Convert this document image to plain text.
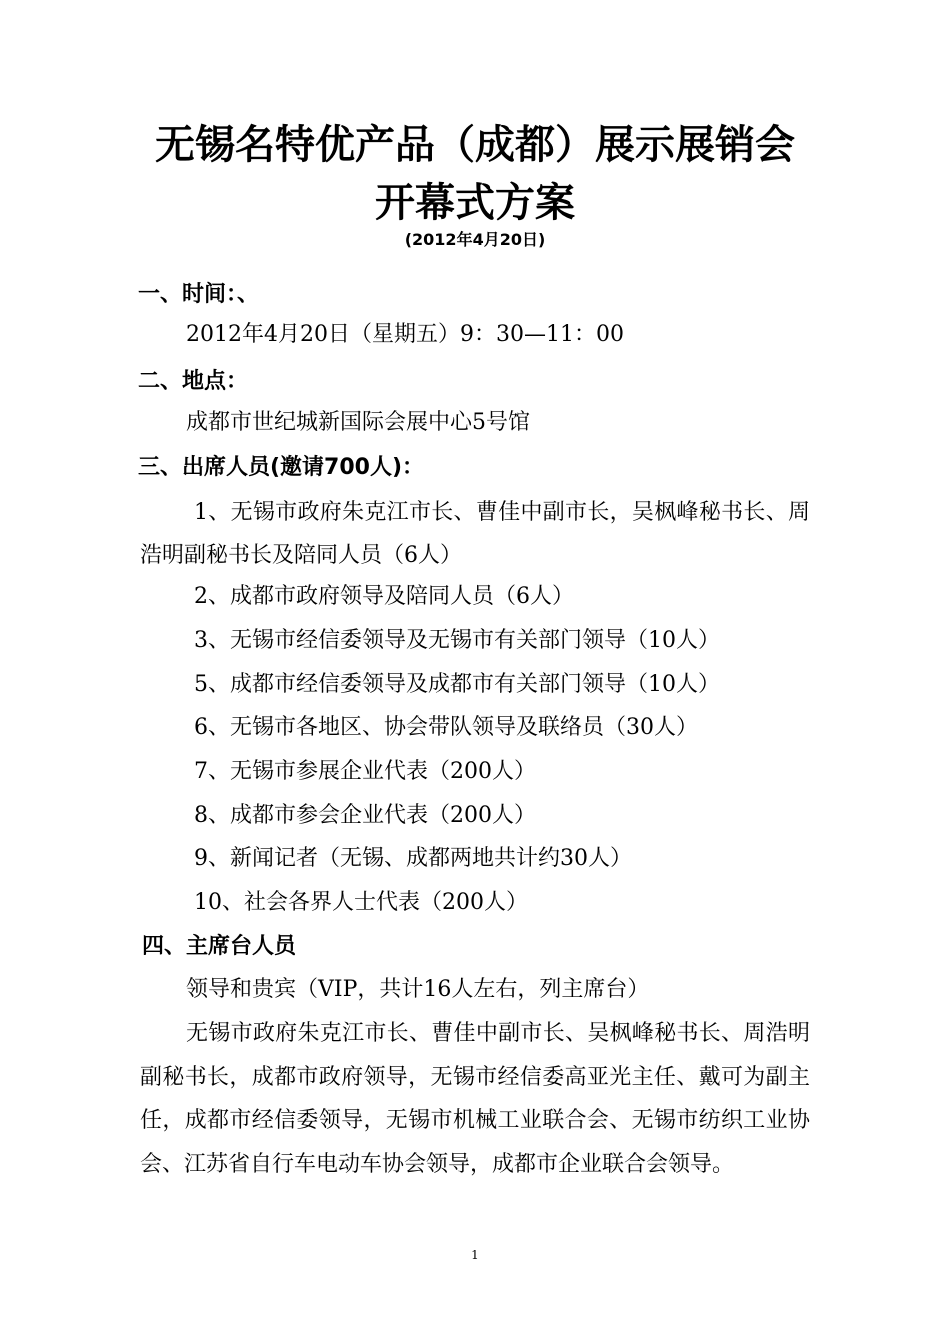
无锡名特优产品（成都）展示展销会
开幕式方案
(2012年4月20日)
一、时间：、
2012年4月20日（星期五）9：30—11：00
二、地点：
成都市世纪城新国际会展中心5号馆
三、出席人员(邀请700人)：
1、无锡市政府朱克江市长、曹佳中副市长，吴枫峰秘书长、周浩明副秘书长及陪同人员（6人）
2、成都市政府领导及陪同人员（6人）
3、无锡市经信委领导及无锡市有关部门领导（10人）
5、成都市经信委领导及成都市有关部门领导（10人）
6、无锡市各地区、协会带队领导及联络员（30人）
7、无锡市参展企业代表（200人）
8、成都市参会企业代表（200人）
9、新闻记者（无锡、成都两地共计约30人）
10、社会各界人士代表（200人）
四、主席台人员
领导和贵宾（VIP，共计16人左右，列主席台）
无锡市政府朱克江市长、曹佳中副市长、吴枫峰秘书长、周浩明副秘书长，成都市政府领导，无锡市经信委高亚光主任、戴可为副主任，成都市经信委领导，无锡市机械工业联合会、无锡市纺织工业协会、江苏省自行车电动车协会领导，成都市企业联合会领导。
1
